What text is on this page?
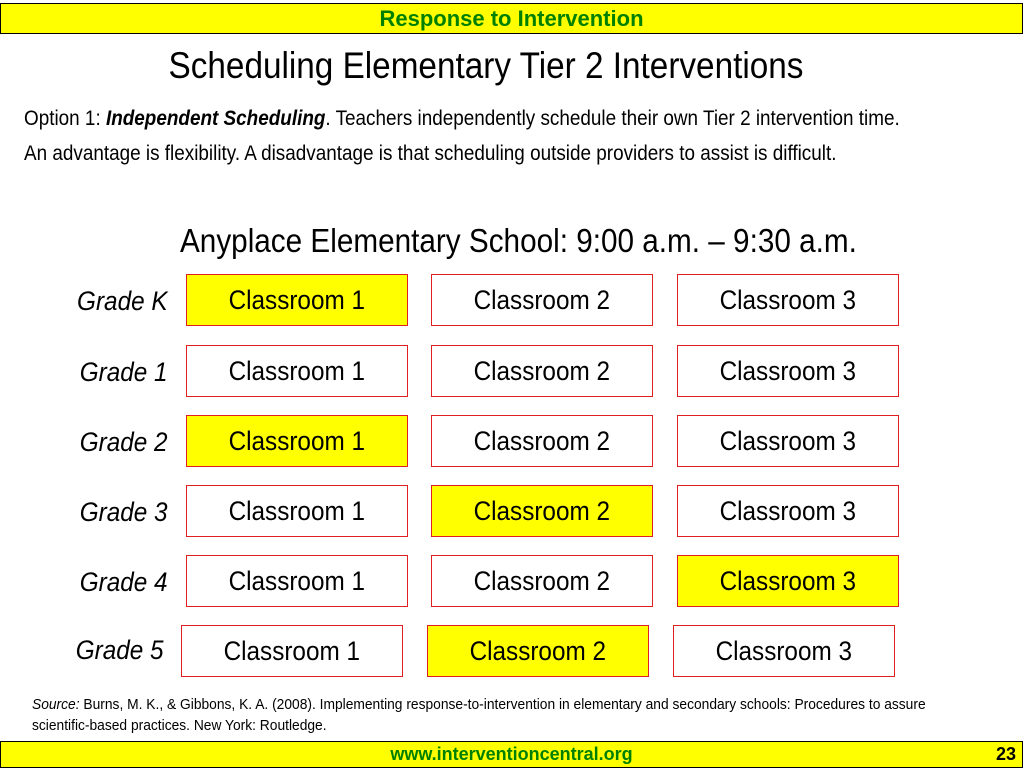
Response to Intervention
Scheduling Elementary Tier 2 Interventions
Option 1: Independent Scheduling. Teachers independently schedule their own Tier 2 intervention time. An advantage is flexibility. A disadvantage is that scheduling outside providers to assist is difficult.
Anyplace Elementary School: 9:00 a.m. – 9:30 a.m.
Grade K	Classroom 1	Classroom 2	Classroom 3
Grade 1	Classroom 1	Classroom 2	Classroom 3
Grade 2	Classroom 1	Classroom 2	Classroom 3
Grade 3	Classroom 1	Classroom 2	Classroom 3
Grade 4	Classroom 1	Classroom 2	Classroom 3
Grade 5	Classroom 1	Classroom 2	Classroom 3
Source: Burns, M. K., & Gibbons, K. A. (2008). Implementing response-to-intervention in elementary and secondary schools: Procedures to assure scientific-based practices. New York: Routledge.
www.interventioncentral.org	23
